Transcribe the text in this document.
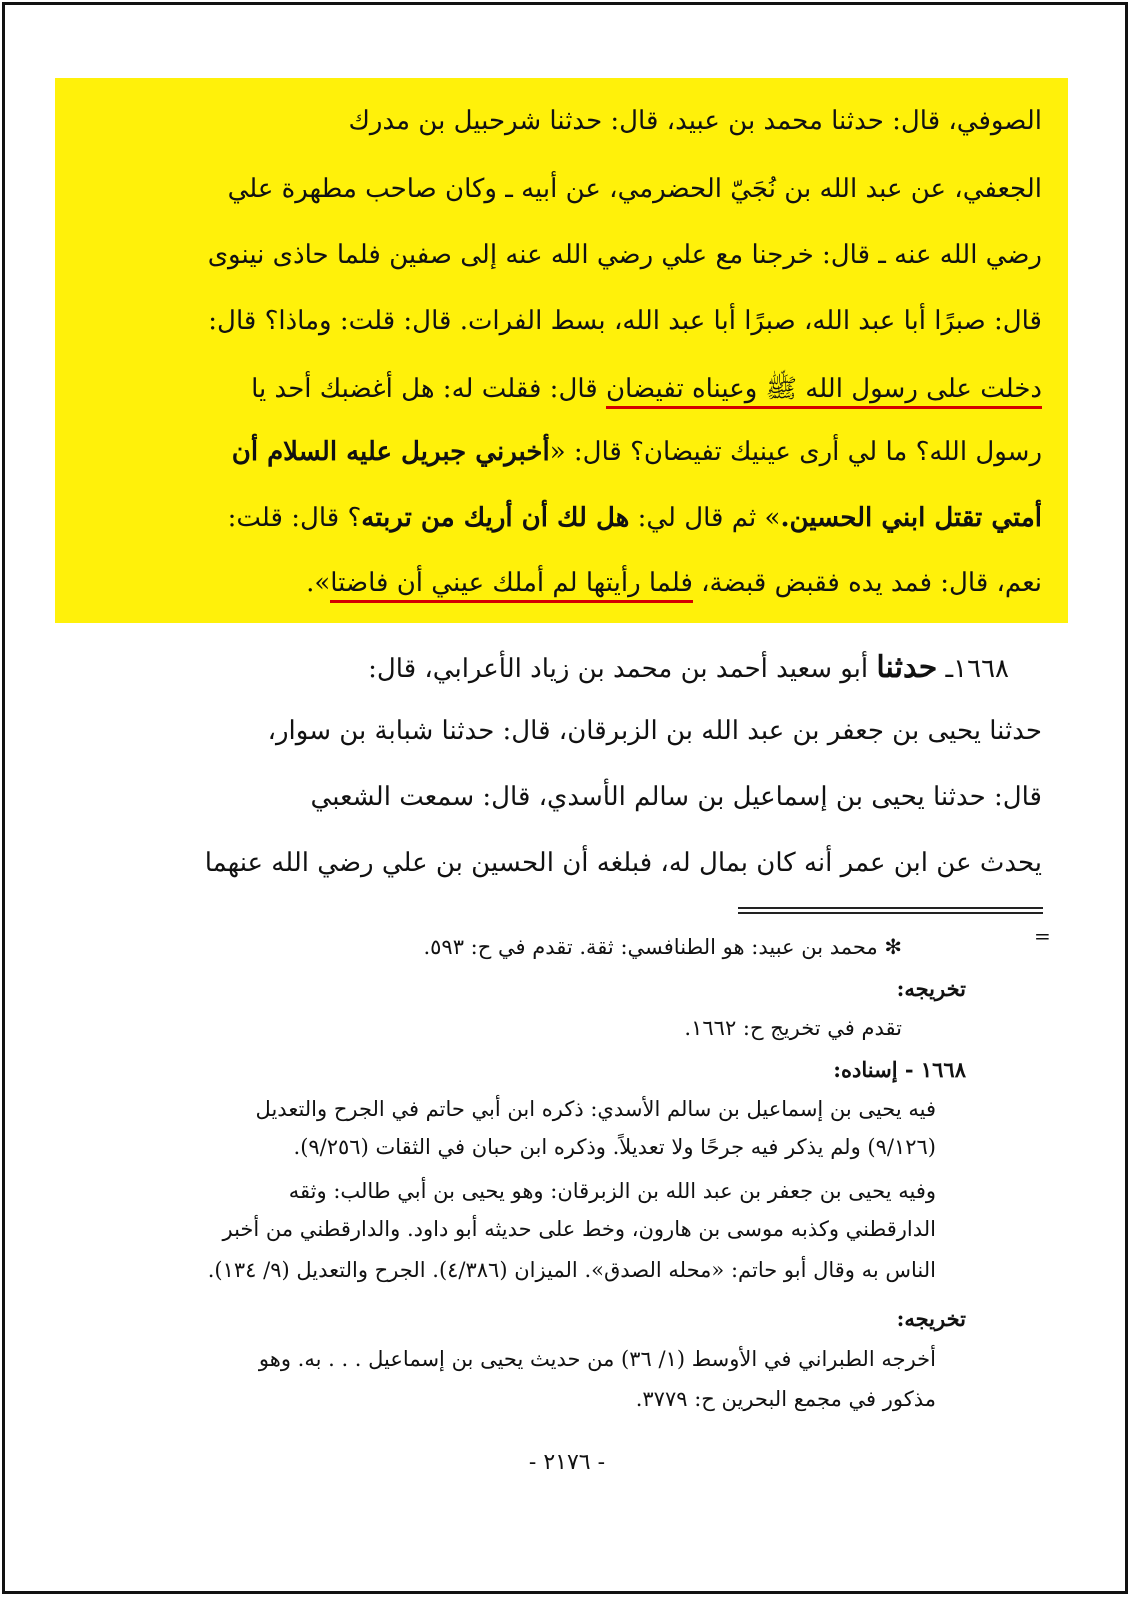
الصوفي، قال: حدثنا محمد بن عبيد، قال: حدثنا شرحبيل بن مدرك
الجعفي، عن عبد الله بن نُجَيّ الحضرمي، عن أبيه ـ وكان صاحب مطهرة علي
رضي الله عنه ـ قال: خرجنا مع علي رضي الله عنه إلى صفين فلما حاذى نينوى
قال: صبرًا أبا عبد الله، صبرًا أبا عبد الله، بسط الفرات. قال: قلت: وماذا؟ قال:
دخلت على رسول الله ﷺ وعيناه تفيضان قال: فقلت له: هل أغضبك أحد يا
رسول الله؟ ما لي أرى عينيك تفيضان؟ قال: «أخبرني جبريل عليه السلام أن
أمتي تقتل ابني الحسين.» ثم قال لي: هل لك أن أريك من تربته؟ قال: قلت:
نعم، قال: فمد يده فقبض قبضة، فلما رأيتها لم أملك عيني أن فاضتا».
١٦٦٨ـ حدثنا أبو سعيد أحمد بن محمد بن زياد الأعرابي، قال:
حدثنا يحيى بن جعفر بن عبد الله بن الزبرقان، قال: حدثنا شبابة بن سوار،
قال: حدثنا يحيى بن إسماعيل بن سالم الأسدي، قال: سمعت الشعبي
يحدث عن ابن عمر أنه كان بمال له، فبلغه أن الحسين بن علي رضي الله عنهما
=
✻ محمد بن عبيد: هو الطنافسي: ثقة. تقدم في ح: ٥٩٣.
تخريجه:
تقدم في تخريج ح: ١٦٦٢.
١٦٦٨ - إسناده:
فيه يحيى بن إسماعيل بن سالم الأسدي: ذكره ابن أبي حاتم في الجرح والتعديل
(٩/١٢٦) ولم يذكر فيه جرحًا ولا تعديلاً. وذكره ابن حبان في الثقات (٩/٢٥٦).
وفيه يحيى بن جعفر بن عبد الله بن الزبرقان: وهو يحيى بن أبي طالب: وثقه
الدارقطني وكذبه موسى بن هارون، وخط على حديثه أبو داود. والدارقطني من أخبر
الناس به وقال أبو حاتم: «محله الصدق». الميزان (٤/٣٨٦). الجرح والتعديل (٩/ ١٣٤).
تخريجه:
أخرجه الطبراني في الأوسط (١/ ٣٦) من حديث يحيى بن إسماعيل . . . به. وهو
مذكور في مجمع البحرين ح: ٣٧٧٩.
- ٢١٧٦ -
